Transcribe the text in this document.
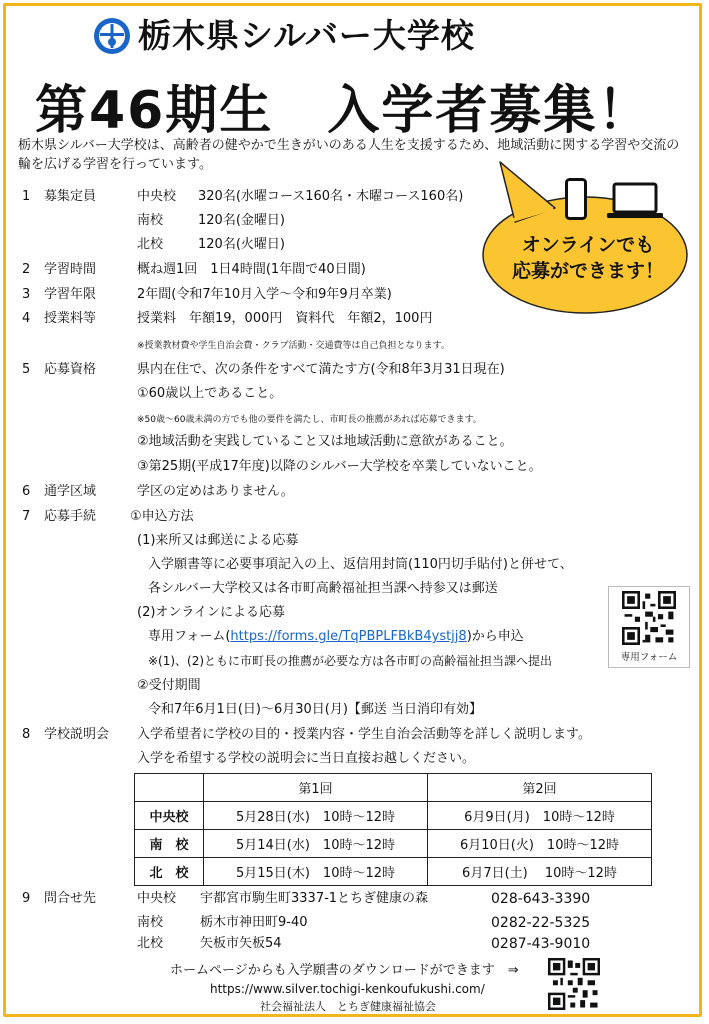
栃木県シルバー大学校
第46期生　入学者募集！
栃木県シルバー大学校は、高齢者の健やかで生きがいのある人生を支援するため、地域活動に関する学習や交流の輪を広げる学習を行っています。
オンラインでも
応募ができます！
1 募集定員	中央校 320名(水曜コース160名・木曜コース160名)
南校	120名(金曜日)
北校	120名(火曜日)
2 学習時間	概ね週1回　1日4時間(1年間で40日間)
3 学習年限	2年間(令和7年10月入学～令和9年9月卒業)
4 授業料等	授業料　年額19，000円　資料代　年額2，100円
※授業教材費や学生自治会費・クラブ活動・交通費等は自己負担となります。
5 応募資格	県内在住で、次の条件をすべて満たす方(令和8年3月31日現在)
①60歳以上であること。
※50歳～60歳未満の方でも他の要件を満たし、市町長の推薦があれば応募できます。
②地域活動を実践していること又は地域活動に意欲があること。
③第25期(平成17年度)以降のシルバー大学校を卒業していないこと。
6 通学区域	学区の定めはありません。
7 応募手続	①申込方法
(1)来所又は郵送による応募
入学願書等に必要事項記入の上、返信用封筒(110円切手貼付)と併せて、
各シルバー大学校又は各市町高齢福祉担当課へ持参又は郵送
(2)オンラインによる応募
専用フォーム(https://forms.gle/TqPBPLFBkB4ystjj8)から申込
※(1)、(2)ともに市町長の推薦が必要な方は各市町の高齢福祉担当課へ提出
②受付期間
令和7年6月1日(日)～6月30日(月)【郵送 当日消印有効】
専用フォーム
8 学校説明会 入学希望者に学校の目的・授業内容・学生自治会活動等を詳しく説明します。
入学を希望する学校の説明会に当日直接お越しください。
	第1回	第2回
中央校	5月28日(水)　10時～12時	6月9日(月)　10時～12時
南　校	5月14日(水)　10時～12時	6月10日(火)　10時～12時
北　校	5月15日(木)　10時～12時	6月7日(土)　 10時～12時
9 問合せ先	中央校 宇都宮市駒生町3337-1とちぎ健康の森	028-643-3390
南校	栃木市神田町9-40	0282-22-5325
北校	矢板市矢板54	0287-43-9010
ホームページからも入学願書のダウンロードができます　⇒
https://www.silver.tochigi-kenkoufukushi.com/
社会福祉法人　とちぎ健康福祉協会
